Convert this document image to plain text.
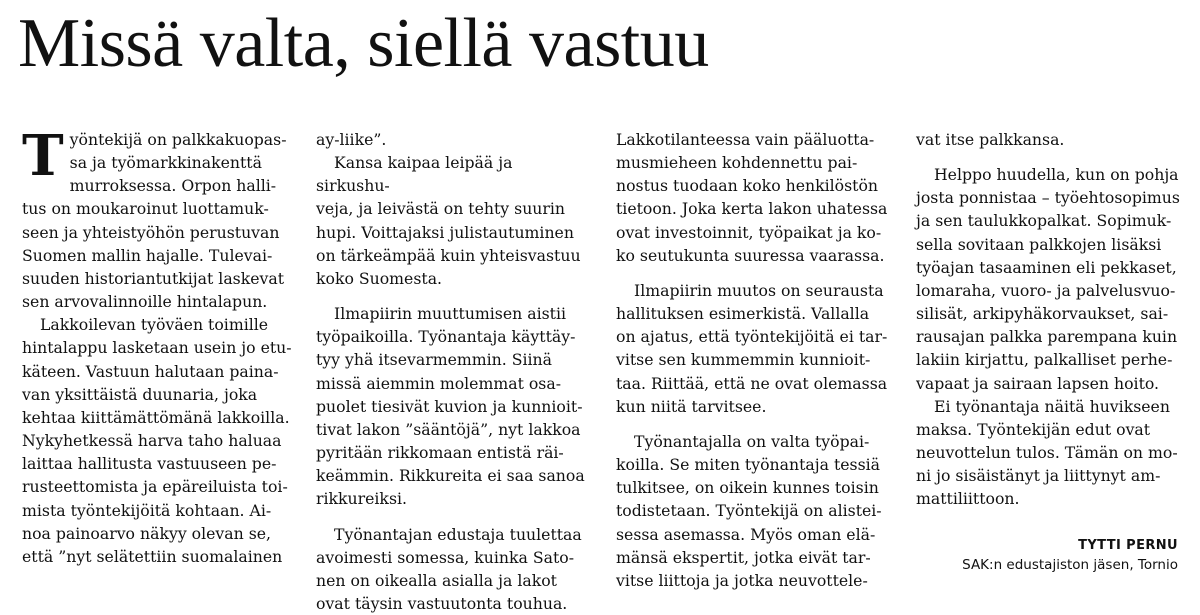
Missä valta, siellä vastuu
T yöntekijä on palkkakuopas-

sa ja työmarkkinakenttä

murroksessa. Orpon halli-

tus on moukaroinut luottamuk-

seen ja yhteistyöhön perustuvan

Suomen mallin hajalle. Tulevai-

suuden historiantutkijat laskevat

sen arvovalinnoille hintalapun.

Lakkoilevan työväen toimille

hintalappu lasketaan usein jo etu-

käteen. Vastuun halutaan paina-

van yksittäistä duunaria, joka

kehtaa kiittämättömänä lakkoilla.

Nykyhetkessä harva taho haluaa

laittaa hallitusta vastuuseen pe-

rusteettomista ja epäreiluista toi-

mista työntekijöitä kohtaan. Ai-

noa painoarvo näkyy olevan se,

että ”nyt selätettiin suomalainen

ay-liike”.

Kansa kaipaa leipää ja sirkushu-

veja, ja leivästä on tehty suurin

hupi. Voittajaksi julistautuminen

on tärkeämpää kuin yhteisvastuu

koko Suomesta.

Ilmapiirin muuttumisen aistii

työpaikoilla. Työnantaja käyttäy-

tyy yhä itsevarmemmin. Siinä

missä aiemmin molemmat osa-

puolet tiesivät kuvion ja kunnioit-

tivat lakon ”sääntöjä”, nyt lakkoa

pyritään rikkomaan entistä räi-

keämmin. Rikkureita ei saa sanoa

rikkureiksi.

Työnantajan edustaja tuulettaa

avoimesti somessa, kuinka Sato-

nen on oikealla asialla ja lakot

ovat täysin vastuutonta touhua.

Lakkotilanteessa vain pääluotta-

musmieheen kohdennettu pai-

nostus tuodaan koko henkilöstön

tietoon. Joka kerta lakon uhatessa

ovat investoinnit, työpaikat ja ko-

ko seutukunta suuressa vaarassa.

Ilmapiirin muutos on seurausta

hallituksen esimerkistä. Vallalla

on ajatus, että työntekijöitä ei tar-

vitse sen kummemmin kunnioit-

taa. Riittää, että ne ovat olemassa

kun niitä tarvitsee.

Työnantajalla on valta työpai-

koilla. Se miten työnantaja tessiä

tulkitsee, on oikein kunnes toisin

todistetaan. Työntekijä on alistei-

sessa asemassa. Myös oman elä-

mänsä ekspertit, jotka eivät tar-

vitse liittoja ja jotka neuvottele-

vat itse palkkansa.

Helppo huudella, kun on pohja

josta ponnistaa – työehtosopimus

ja sen taulukkopalkat. Sopimuk-

sella sovitaan palkkojen lisäksi

työajan tasaaminen eli pekkaset,

lomaraha, vuoro- ja palvelusvuo-

silisät, arkipyhäkorvaukset, sai-

rausajan palkka parempana kuin

lakiin kirjattu, palkalliset perhe-

vapaat ja sairaan lapsen hoito.

Ei työnantaja näitä huvikseen

maksa. Työntekijän edut ovat

neuvottelun tulos. Tämän on mo-

ni jo sisäistänyt ja liittynyt am-

mattiliittoon.

TYTTI PERNU
SAK:n edustajiston jäsen, Tornio
